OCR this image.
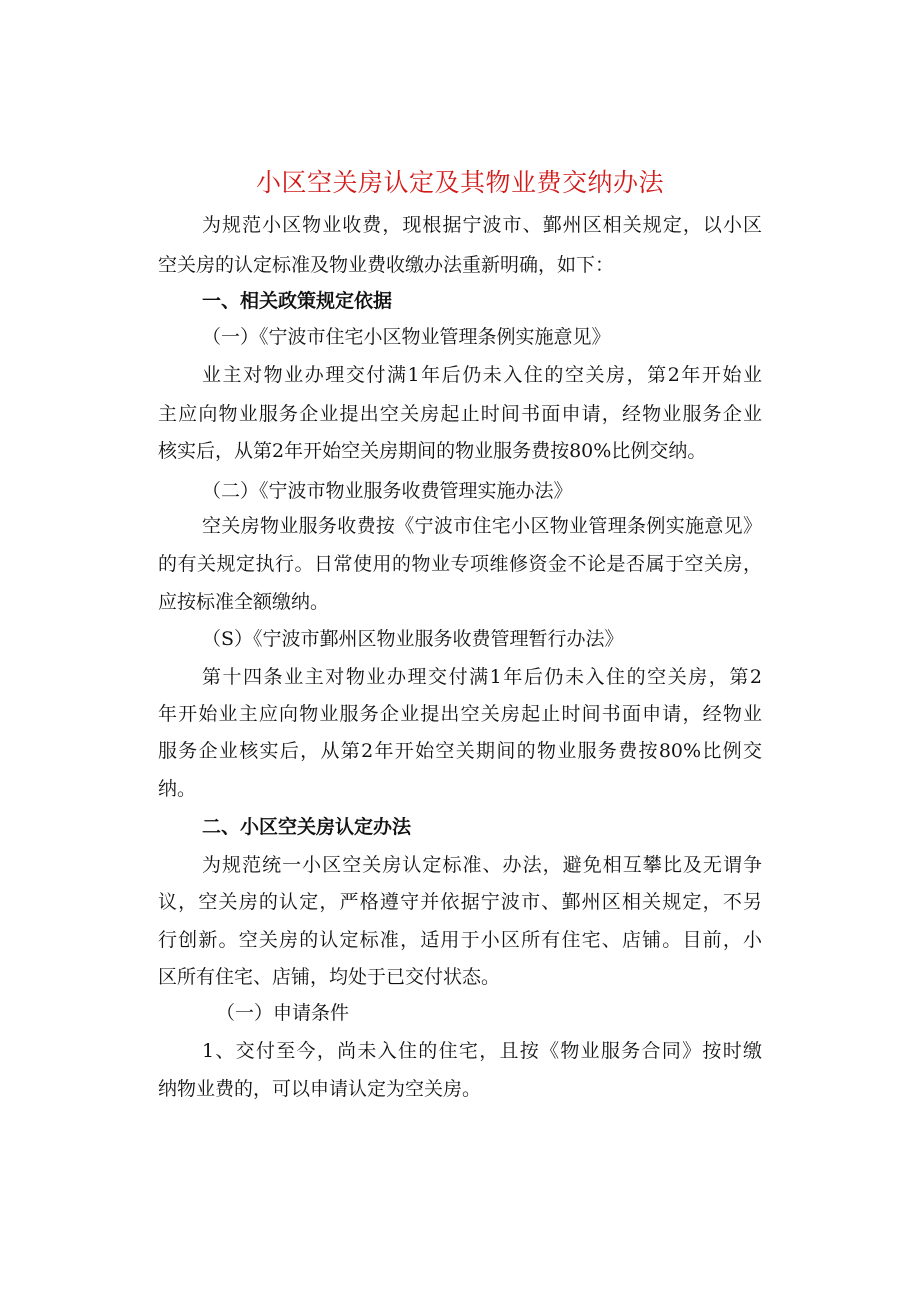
小区空关房认定及其物业费交纳办法
为规范小区物业收费，现根据宁波市、鄞州区相关规定，以小区
空关房的认定标准及物业费收缴办法重新明确，如下：
一、相关政策规定依据
（一）《宁波市住宅小区物业管理条例实施意见》
业主对物业办理交付满1年后仍未入住的空关房，第2年开始业
主应向物业服务企业提出空关房起止时间书面申请，经物业服务企业
核实后，从第2年开始空关房期间的物业服务费按80%比例交纳。
（二）《宁波市物业服务收费管理实施办法》
空关房物业服务收费按《宁波市住宅小区物业管理条例实施意见》
的有关规定执行。日常使用的物业专项维修资金不论是否属于空关房，
应按标准全额缴纳。
（S）《宁波市鄞州区物业服务收费管理暂行办法》
第十四条业主对物业办理交付满1年后仍未入住的空关房，第2
年开始业主应向物业服务企业提出空关房起止时间书面申请，经物业
服务企业核实后，从第2年开始空关期间的物业服务费按80%比例交
纳。
二、小区空关房认定办法
为规范统一小区空关房认定标准、办法，避免相互攀比及无谓争
议，空关房的认定，严格遵守并依据宁波市、鄞州区相关规定，不另
行创新。空关房的认定标准，适用于小区所有住宅、店铺。目前，小
区所有住宅、店铺，均处于已交付状态。
（一）申请条件
1、交付至今，尚未入住的住宅，且按《物业服务合同》按时缴
纳物业费的，可以申请认定为空关房。
